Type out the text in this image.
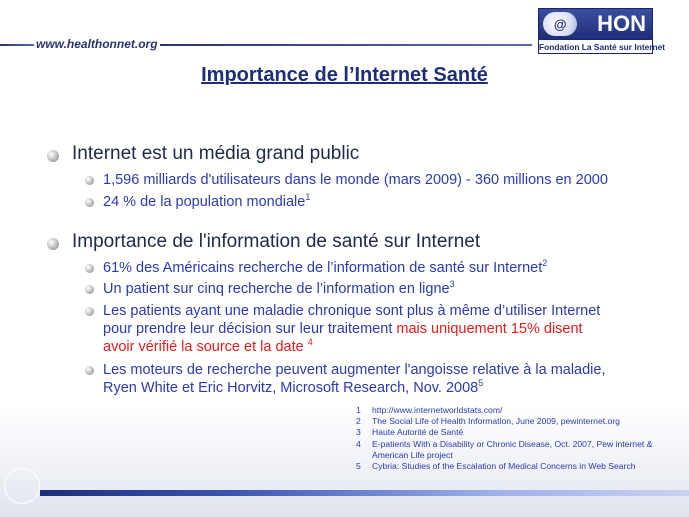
www.healthonnet.org
@	HON
Fondation La Santé sur Internet
Importance de l’Internet Santé
Internet est un média grand public
1,596 milliards d'utilisateurs dans le monde (mars 2009) - 360 millions en 2000
24 % de la population mondiale$^1$
Importance de l'information de santé sur Internet
61% des Américains recherche de l’information de santé sur Internet$^2$
Un patient sur cinq recherche de l’information en ligne$^3$
Les patients ayant une maladie chronique sont plus à même d’utiliser Internet
pour prendre leur décision sur leur traitement mais uniquement 15% disent
avoir vérifié la source et la date $^4$
Les moteurs de recherche peuvent augmenter l'angoisse relative à la maladie,
Ryen White et Eric Horvitz, Microsoft Research, Nov. 2008$^5$
1	http://www.internetworldstats.com/
2	The Social Life of Health Information, June 2009, pewinternet.org
3	Haute Autorité de Santé
4	E-patients With a Disability or Chronic Disease, Oct. 2007, Pew internet & American Life project
5	Cybria: Studies of the Escalation of Medical Concerns in Web Search
